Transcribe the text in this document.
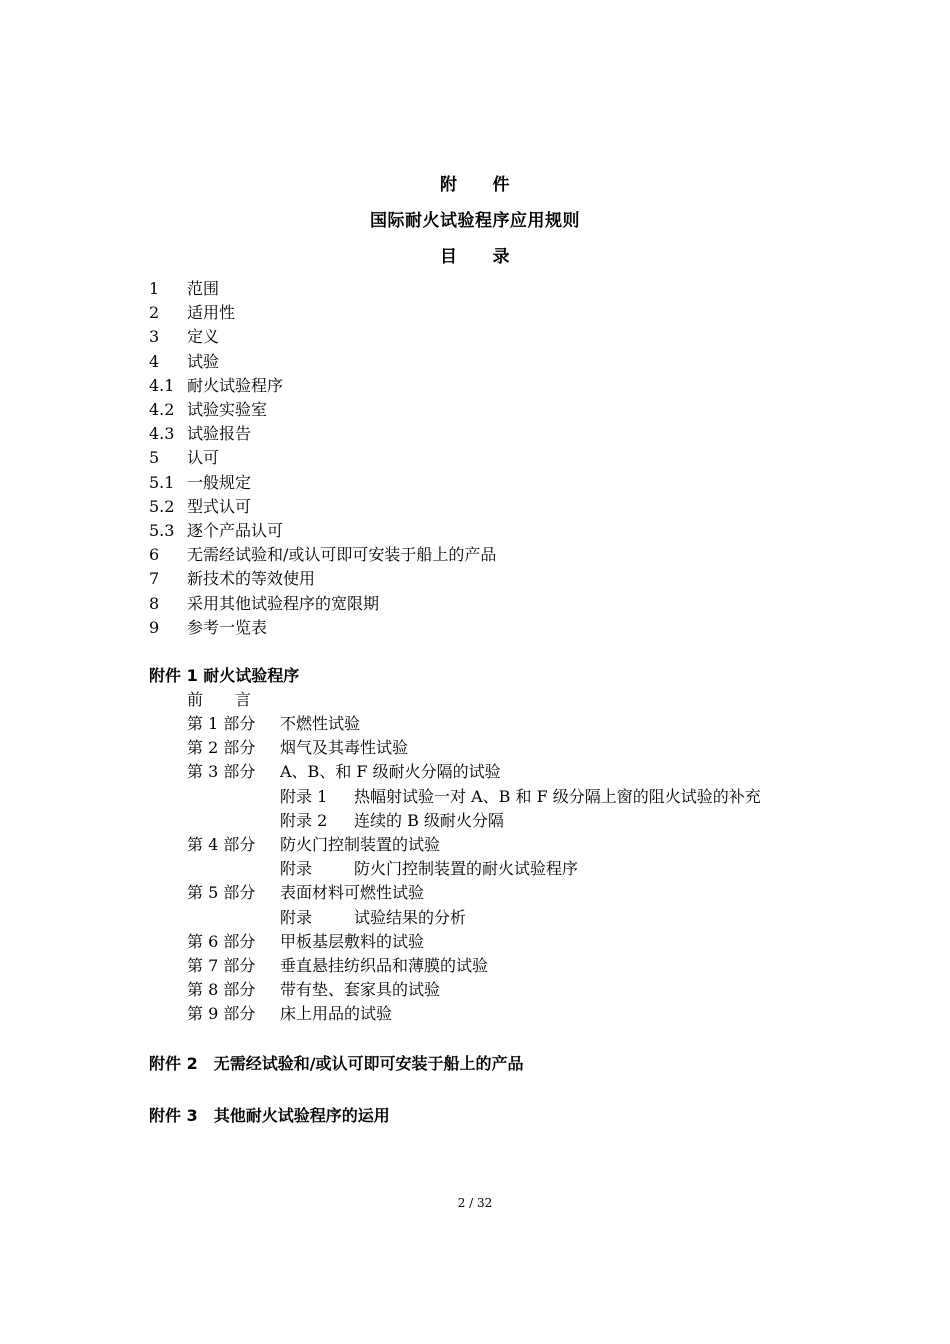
附　　件
国际耐火试验程序应用规则
目　　录
1 范围
2 适用性
3 定义
4 试验
4.1 耐火试验程序
4.2 试验实验室
4.3 试验报告
5 认可
5.1 一般规定
5.2 型式认可
5.3 逐个产品认可
6 无需经试验和/或认可即可安装于船上的产品
7 新技术的等效使用
8 采用其他试验程序的宽限期
9 参考一览表
附件 1 耐火试验程序
前　　言
第 1 部分 不燃性试验
第 2 部分 烟气及其毒性试验
第 3 部分 A、B、和 F 级耐火分隔的试验
附录 1 热幅射试验一对 A、B 和 F 级分隔上窗的阻火试验的补充
附录 2 连续的 B 级耐火分隔
第 4 部分 防火门控制装置的试验
附录	防火门控制装置的耐火试验程序
第 5 部分 表面材料可燃性试验
附录	试验结果的分析
第 6 部分 甲板基层敷料的试验
第 7 部分 垂直悬挂纺织品和薄膜的试验
第 8 部分 带有垫、套家具的试验
第 9 部分 床上用品的试验
附件 2　无需经试验和/或认可即可安装于船上的产品
附件 3　其他耐火试验程序的运用
2 / 32
